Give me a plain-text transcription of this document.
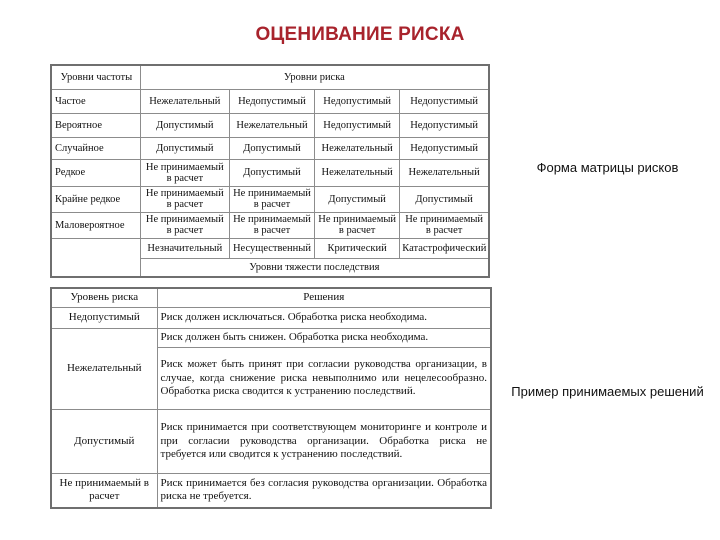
ОЦЕНИВАНИЕ РИСКА
Уровни частоты	Уровни риска			
Частое	Нежелательный	Недопустимый	Недопустимый	Недопустимый
Вероятное	Допустимый	Нежелательный	Недопустимый	Недопустимый
Случайное	Допустимый	Допустимый	Нежелательный	Недопустимый
Редкое	Не принимаемый в расчет	Допустимый	Нежелательный	Нежелательный
Крайне редкое	Не принимаемый в расчет	Не принимаемый в расчет	Допустимый	Допустимый
Маловероятное	Не принимаемый в расчет	Не принимаемый в расчет	Не принимаемый в расчет	Не принимаемый в расчет
	Незначительный	Несущественный	Критический	Катастрофический
	Уровни тяжести последствия			
Уровень риска	Решения
Недопустимый	Риск должен исключаться. Обработка риска необходима.
Нежелательный	Риск должен быть снижен. Обработка риска необходима.
	Риск может быть принят при согласии руководства организации, в случае, когда снижение риска невыполнимо или нецелесообразно. Обработка риска сводится к устранению последствий.
Допустимый	Риск принимается при соответствующем мониторинге и контроле и при согласии руководства организации. Обработка риска не требуется или сводится к устранению последствий.
Не принимаемый в расчет	Риск принимается без согласия руководства организации. Обработка риска не требуется.
Форма матрицы рисков
Пример принимаемых решений
